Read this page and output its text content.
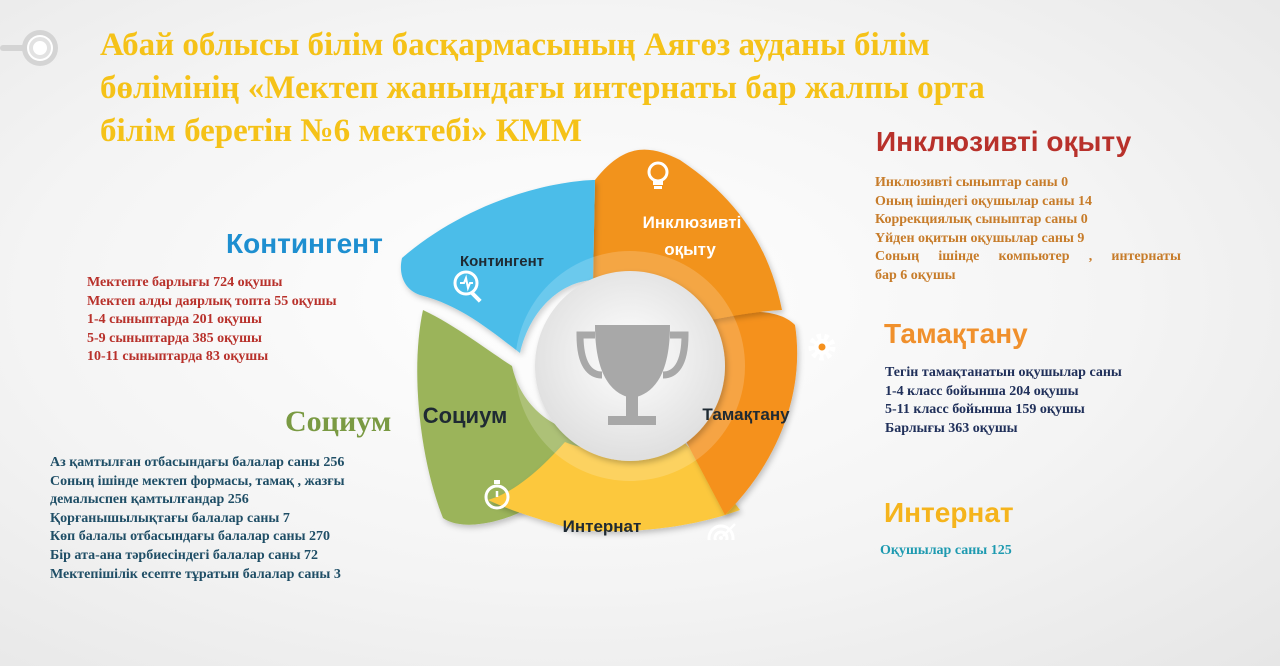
Абай облысы білім басқармасының Аягөз ауданы білім
бөлімінің «Мектеп жанындағы интернаты бар жалпы орта
білім беретін №6 мектебі» КММ
Контингент
Инклюзивті
оқыту
Тамақтану
Интернат
Социум
Контингент
Социум
Инклюзивті оқыту
Тамақтану
Интернат
Мектепте барлығы 724 оқушы
Мектеп алды даярлық топта 55 оқушы
1-4 сыныптарда 201 оқушы
5-9 сыныптарда 385 оқушы
10-11 сыныптарда 83 оқушы
Аз қамтылған отбасындағы балалар саны 256
Соның ішінде мектеп формасы, тамақ , жазғы
демалыспен қамтылғандар 256
Қорғанышылықтағы балалар саны 7
Көп балалы отбасындағы балалар саны 270
Бір ата-ана тәрбиесіндегі балалар саны 72
Мектепішілік есепте тұратын балалар саны 3
Инклюзивті сыныптар саны 0
Оның ішіндегі оқушылар саны 14
Коррекциялық сыныптар саны 0
Үйден оқитын оқушылар саны 9
Соның ішінде компьютер , интернаты
бар 6 оқушы
Тегін тамақтанатын оқушылар саны
1-4 класс бойынша 204 оқушы
5-11 класс бойынша 159 оқушы
Барлығы 363 оқушы
Оқушылар саны 125
